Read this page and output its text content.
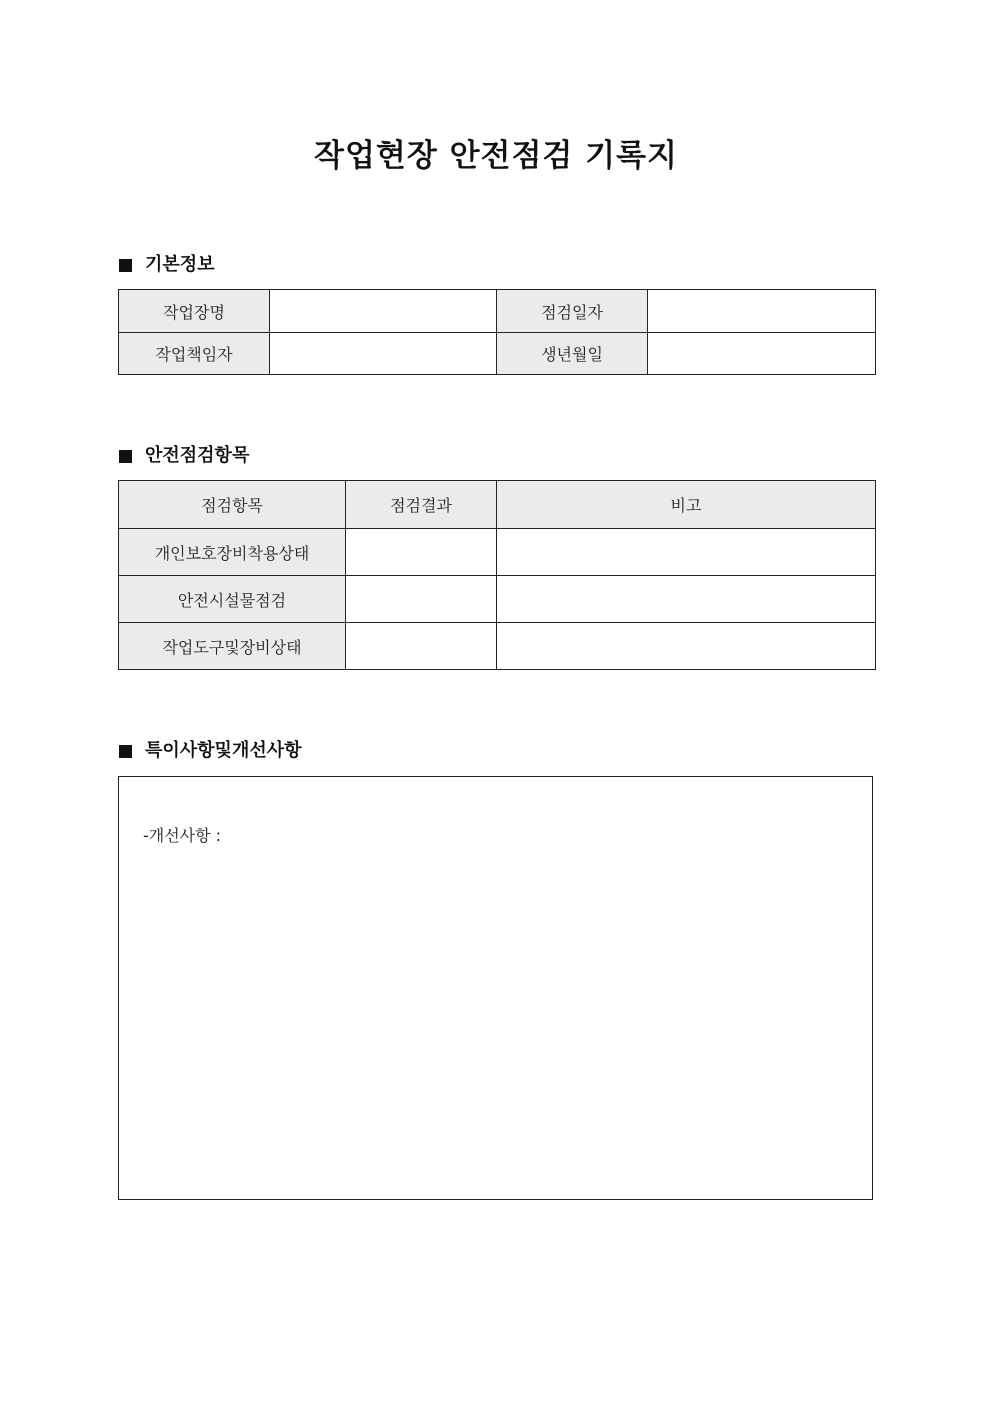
작업현장 안전점검 기록지
기본정보
작업장명		점검일자	
작업책임자		생년월일	
안전점검항목
점검항목	점검결과	비고
개인보호장비착용상태		
안전시설물점검		
작업도구및장비상태		
특이사항및개선사항
-개선사항 :
